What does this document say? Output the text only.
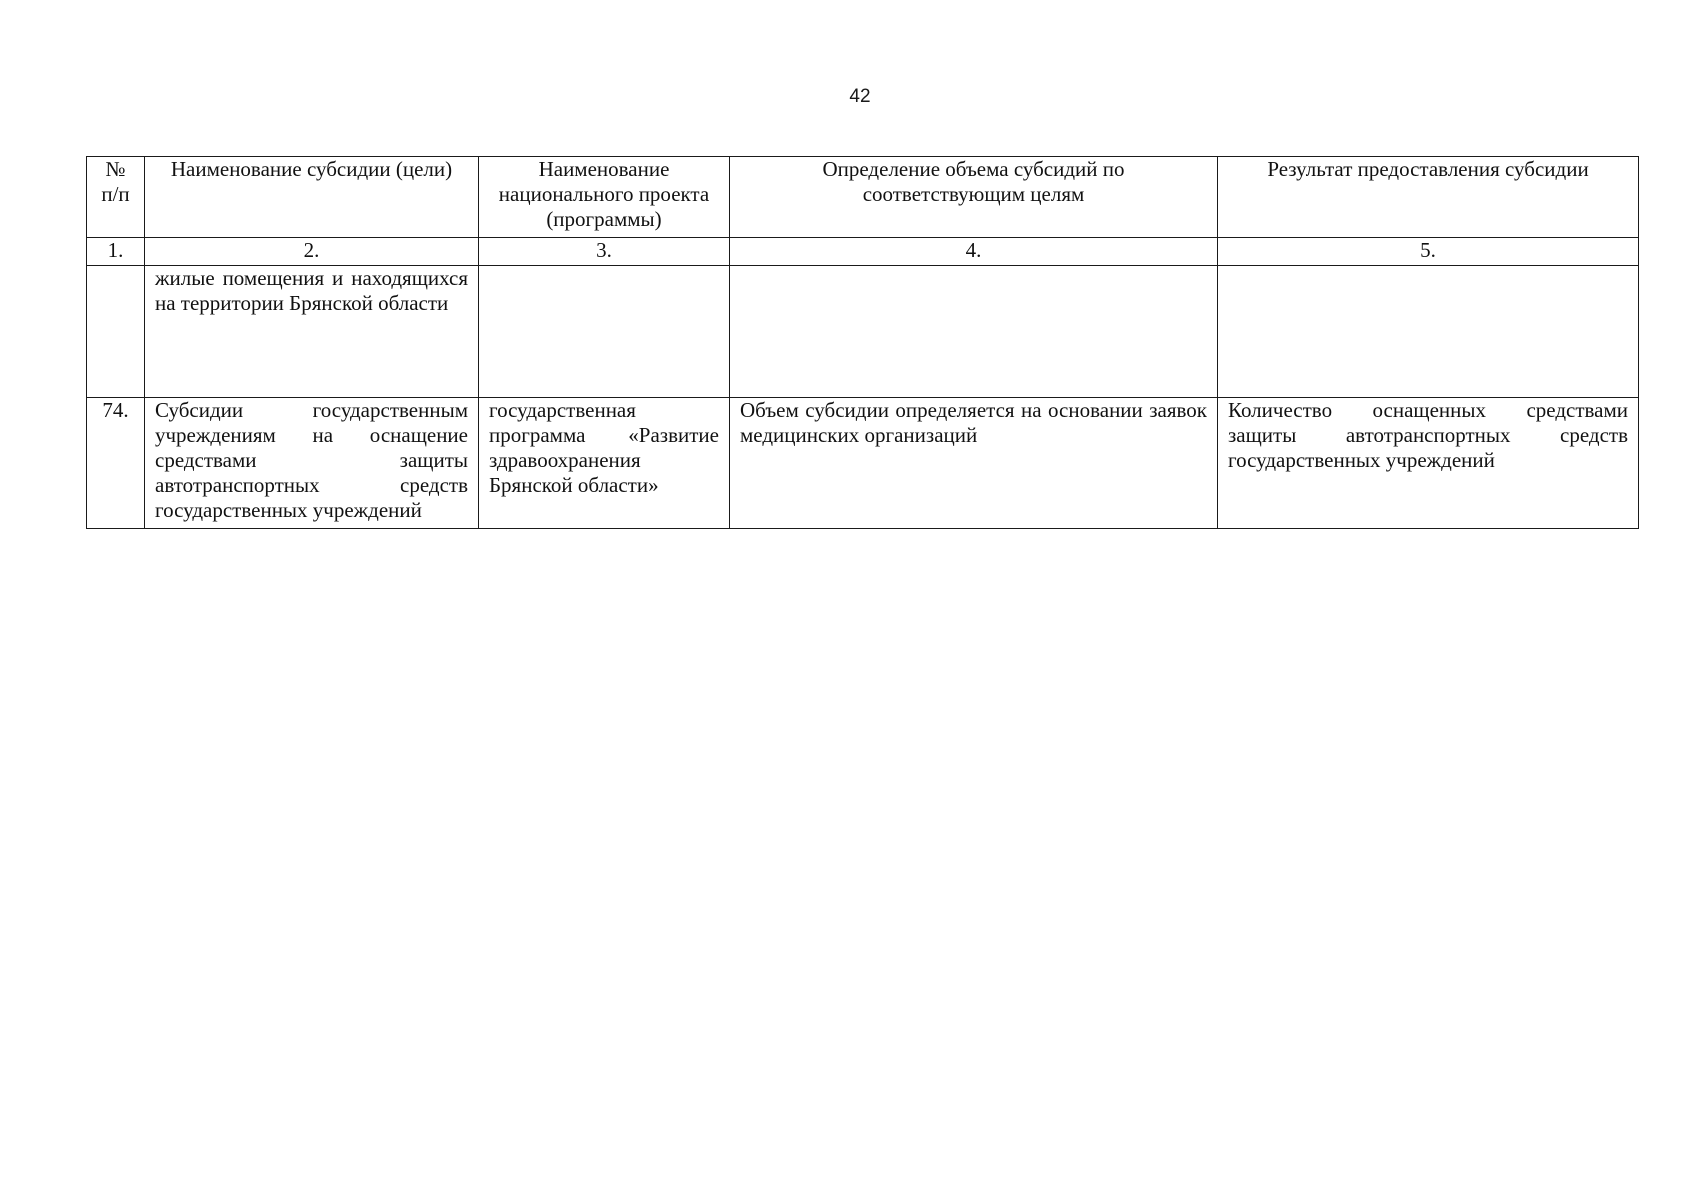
42
№ п/п	Наименование субсидии (цели)	Наименование национального проекта (программы)	Определение объема субсидий по соответствующим целям	Результат предоставления субсидии
1.	2.	3.	4.	5.
	жилые помещения и находящихся на территории Брянской области			
74.	Субсидии государственным учреждениям на оснащение средствами защиты автотранспортных средств государственных учреждений	государственная программа «Развитие здравоохранения Брянской области»	Объем субсидии определяется на основании заявок медицинских организаций	Количество оснащенных средствами защиты автотранспортных средств государственных учреждений
